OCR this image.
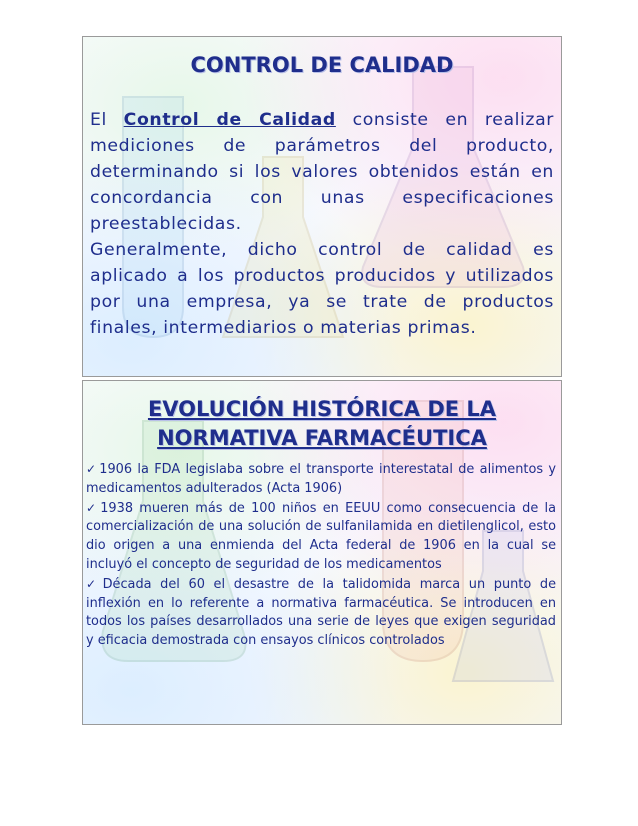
CONTROL DE CALIDAD

El Control de Calidad consiste en realizar mediciones de parámetros del producto, determinando si los valores obtenidos están en concordancia con unas especificaciones preestablecidas.

Generalmente, dicho control de calidad es aplicado a los productos producidos y utilizados por una empresa, ya se trate de productos finales, intermediarios o materias primas.

EVOLUCIÓN HISTÓRICA DE LA
NORMATIVA FARMACÉUTICA
✓ 1906 la FDA legislaba sobre el transporte interestatal de alimentos y medicamentos adulterados (Acta 1906)
✓ 1938 mueren más de 100 niños en EEUU como consecuencia de la comercialización de una solución de sulfanilamida en dietilenglicol, esto dio origen a una enmienda del Acta federal de 1906 en la cual se incluyó el concepto de seguridad de los medicamentos
✓ Década del 60 el desastre de la talidomida marca un punto de inflexión en lo referente a normativa farmacéutica. Se introducen en todos los países desarrollados una serie de leyes que exigen seguridad y eficacia demostrada con ensayos clínicos controlados
